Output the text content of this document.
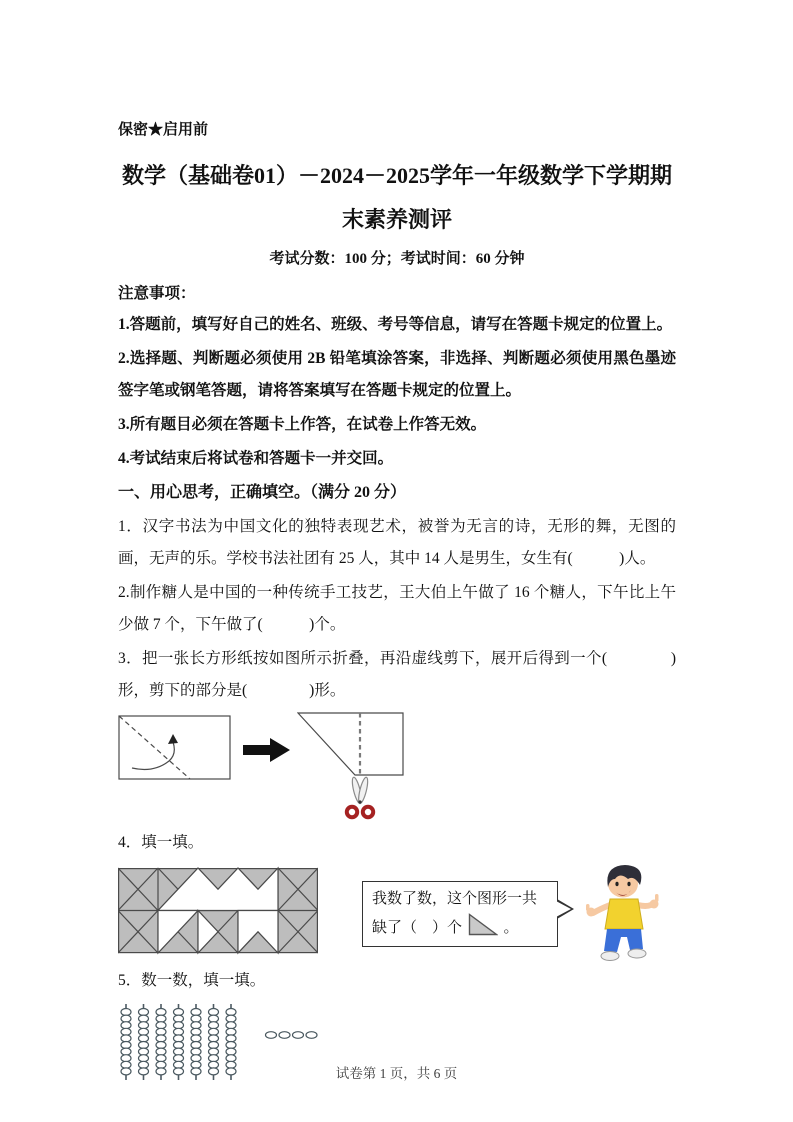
保密★启用前
数学（基础卷01）－2024－2025学年一年级数学下学期期
末素养测评
考试分数：100 分；考试时间：60 分钟
注意事项：

1.答题前，填写好自己的姓名、班级、考号等信息，请写在答题卡规定的位置上。

2.选择题、判断题必须使用 2B 铅笔填涂答案，非选择、判断题必须使用黑色墨迹签字笔或钢笔答题，请将答案填写在答题卡规定的位置上。

3.所有题目必须在答题卡上作答，在试卷上作答无效。

4.考试结束后将试卷和答题卡一并交回。

一、用心思考，正确填空。（满分 20 分）

1．汉字书法为中国文化的独特表现艺术，被誉为无言的诗，无形的舞，无图的画，无声的乐。学校书法社团有 25 人，其中 14 人是男生，女生有(　　　)人。

2.制作糖人是中国的一种传统手工技艺，王大伯上午做了 16 个糖人，下午比上午少做 7 个，下午做了(　　　)个。

3．把一张长方形纸按如图所示折叠，再沿虚线剪下，展开后得到一个(　　　　)形，剪下的部分是(　　　　)形。

4．填一填。

我数了数，这个图形一共
缺了（　）个	。

5．数一数，填一填。

试卷第 1 页，共 6 页
